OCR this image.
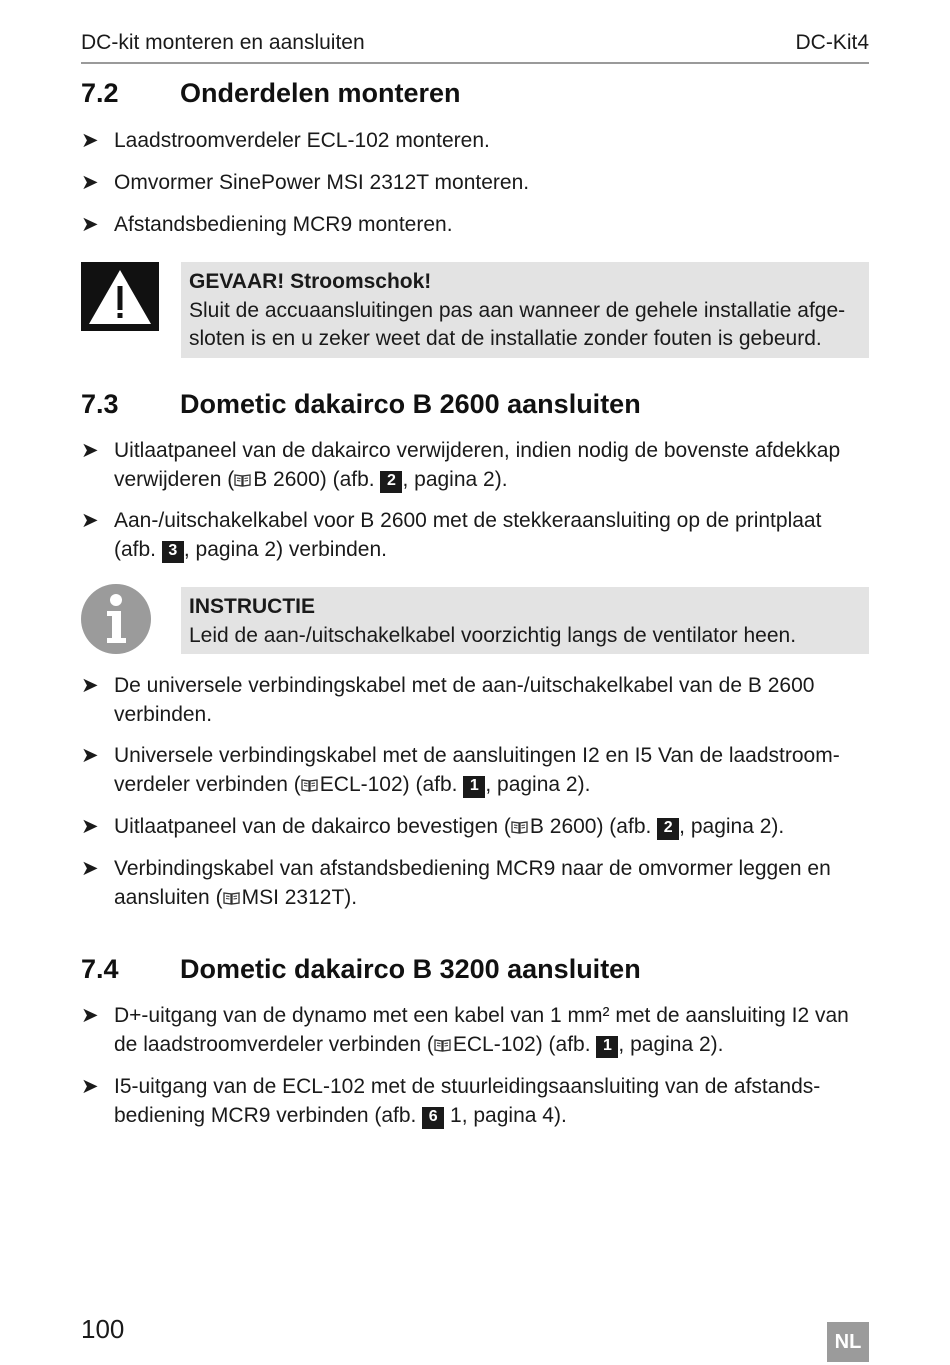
DC-kit monteren en aansluiten	DC-Kit4
7.2 Onderdelen monteren
➤ Laadstroomverdeler ECL-102 monteren.
➤ Omvormer SinePower MSI 2312T monteren.
➤ Afstandsbediening MCR9 monteren.
GEVAAR! Stroomschok!
Sluit de accuaansluitingen pas aan wanneer de gehele installatie afge-
sloten is en u zeker weet dat de installatie zonder fouten is gebeurd.
7.3 Dometic dakairco B 2600 aansluiten
➤ Uitlaatpaneel van de dakairco verwijderen, indien nodig de bovenste afdekkap
verwijderen ( B 2600) (afb. 2 , pagina 2).
➤ Aan-/uitschakelkabel voor B 2600 met de stekkeraansluiting op de printplaat
(afb. 3 , pagina 2) verbinden.
INSTRUCTIE
Leid de aan-/uitschakelkabel voorzichtig langs de ventilator heen.
➤ De universele verbindingskabel met de aan-/uitschakelkabel van de B 2600
verbinden.
➤ Universele verbindingskabel met de aansluitingen I2 en I5 Van de laadstroom-
verdeler verbinden ( ECL-102) (afb. 1 , pagina 2).
➤ Uitlaatpaneel van de dakairco bevestigen ( B 2600) (afb. 2 , pagina 2).
➤ Verbindingskabel van afstandsbediening MCR9 naar de omvormer leggen en
aansluiten ( MSI 2312T).
7.4 Dometic dakairco B 3200 aansluiten
➤ D+-uitgang van de dynamo met een kabel van 1 mm² met de aansluiting I2 van
de laadstroomverdeler verbinden ( ECL-102) (afb. 1 , pagina 2).
➤ I5-uitgang van de ECL-102 met de stuurleidingsaansluiting van de afstands-
bediening MCR9 verbinden (afb. 6 1, pagina 4).
100	NL
